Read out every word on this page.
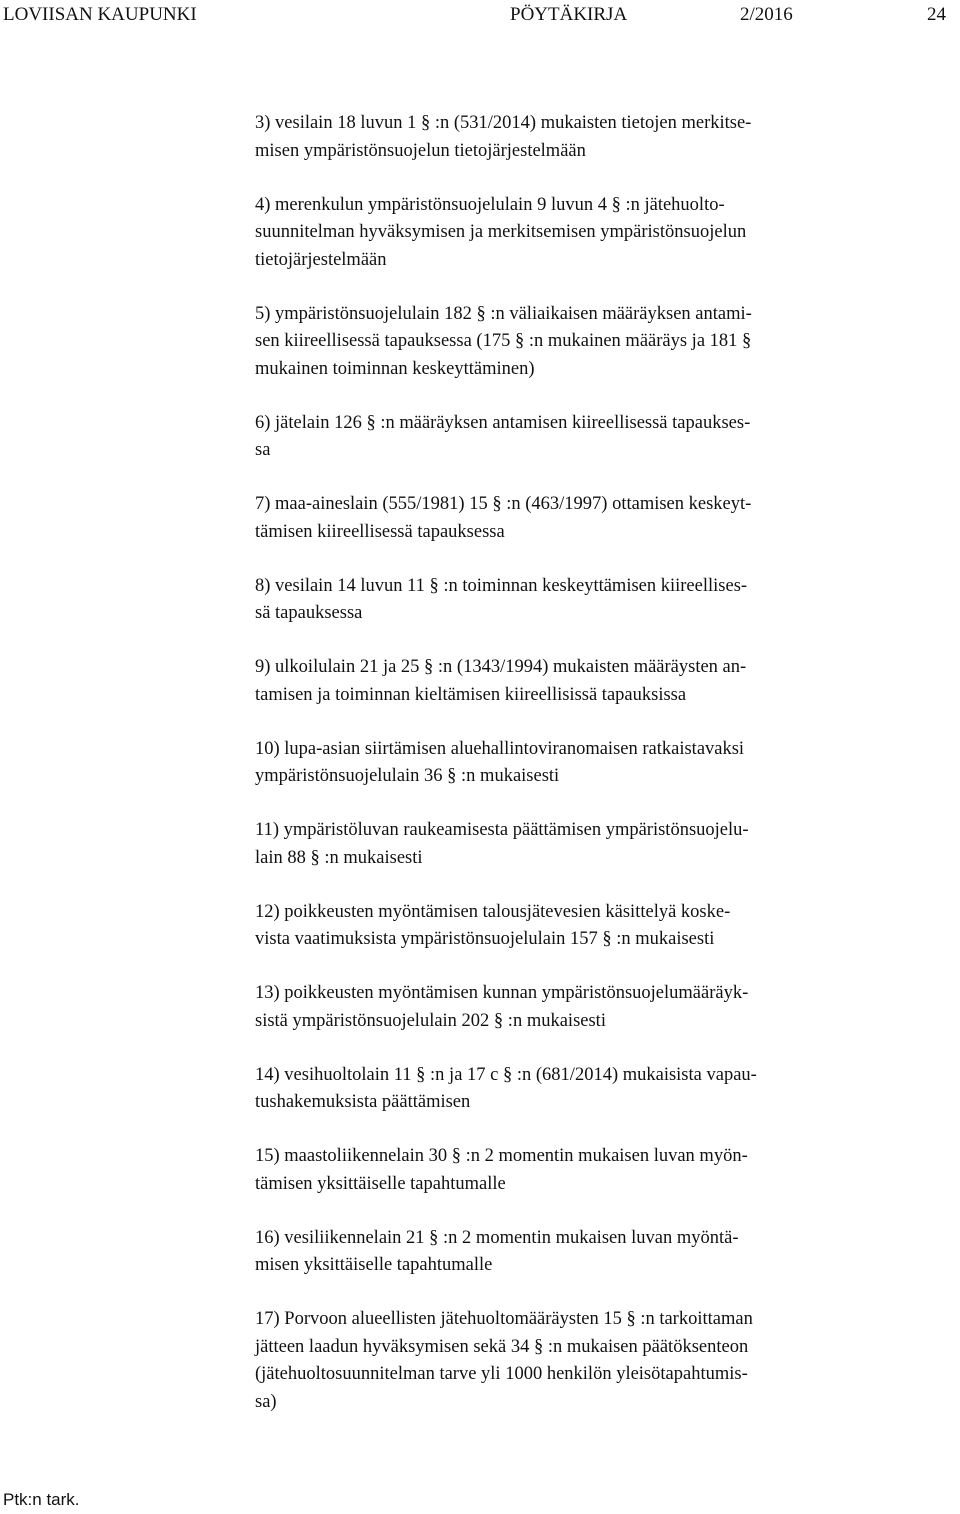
LOVIISAN KAUPUNKI	PÖYTÄKIRJA	2/2016	24
3) vesilain 18 luvun 1 § :n (531/2014) mukaisten tietojen merkitse-
misen ympäristönsuojelun tietojärjestelmään
4) merenkulun ympäristönsuojelulain 9 luvun 4 § :n jätehuolto-
suunnitelman hyväksymisen ja merkitsemisen ympäristönsuojelun
tietojärjestelmään
5) ympäristönsuojelulain 182 § :n väliaikaisen määräyksen antami-
sen kiireellisessä tapauksessa (175 § :n mukainen määräys ja 181 §
mukainen toiminnan keskeyttäminen)
6) jätelain 126 § :n määräyksen antamisen kiireellisessä tapaukses-
sa
7) maa-aineslain (555/1981) 15 § :n (463/1997) ottamisen keskeyt-
tämisen kiireellisessä tapauksessa
8) vesilain 14 luvun 11 § :n toiminnan keskeyttämisen kiireellises-
sä tapauksessa
9) ulkoilulain 21 ja 25 § :n (1343/1994) mukaisten määräysten an-
tamisen ja toiminnan kieltämisen kiireellisissä tapauksissa
10) lupa-asian siirtämisen aluehallintoviranomaisen ratkaistavaksi
ympäristönsuojelulain 36 § :n mukaisesti
11) ympäristöluvan raukeamisesta päättämisen ympäristönsuojelu-
lain 88 § :n mukaisesti
12) poikkeusten myöntämisen talousjätevesien käsittelyä koske-
vista vaatimuksista ympäristönsuojelulain 157 § :n mukaisesti
13) poikkeusten myöntämisen kunnan ympäristönsuojelumääräyk-
sistä ympäristönsuojelulain 202 § :n mukaisesti
14) vesihuoltolain 11 § :n ja 17 c § :n (681/2014) mukaisista vapau-
tushakemuksista päättämisen
15) maastoliikennelain 30 § :n 2 momentin mukaisen luvan myön-
tämisen yksittäiselle tapahtumalle
16) vesiliikennelain 21 § :n 2 momentin mukaisen luvan myöntä-
misen yksittäiselle tapahtumalle
17) Porvoon alueellisten jätehuoltomääräysten 15 § :n tarkoittaman
jätteen laadun hyväksymisen sekä 34 § :n mukaisen päätöksenteon
(jätehuoltosuunnitelman tarve yli 1000 henkilön yleisötapahtumis-
sa)
Ptk:n tark.
